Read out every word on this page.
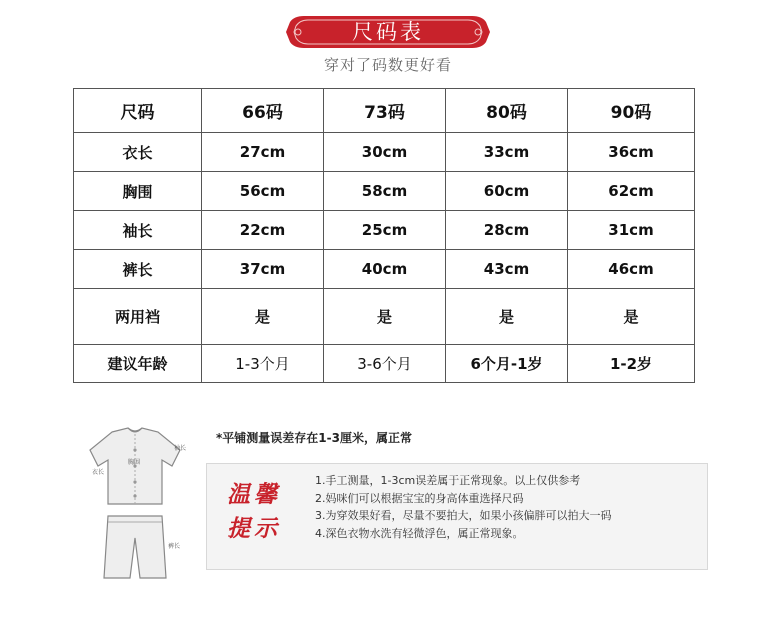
尺码表
穿对了码数更好看
尺码	66码	73码	80码	90码
衣长	27cm	30cm	33cm	36cm
胸围	56cm	58cm	60cm	62cm
袖长	22cm	25cm	28cm	31cm
裤长	37cm	40cm	43cm	46cm
两用裆	是	是	是	是
建议年龄	1-3个月	3-6个月	6个月-1岁	1-2岁
*平铺测量误差存在1-3厘米，属正常
袖长
胸围
衣长
裤长
温馨
提示
1.手工测量，1-3cm误差属于正常现象。以上仅供参考
2.妈咪们可以根据宝宝的身高体重选择尺码
3.为穿效果好看，尽量不要拍大，如果小孩偏胖可以拍大一码
4.深色衣物水洗有轻微浮色，属正常现象。
